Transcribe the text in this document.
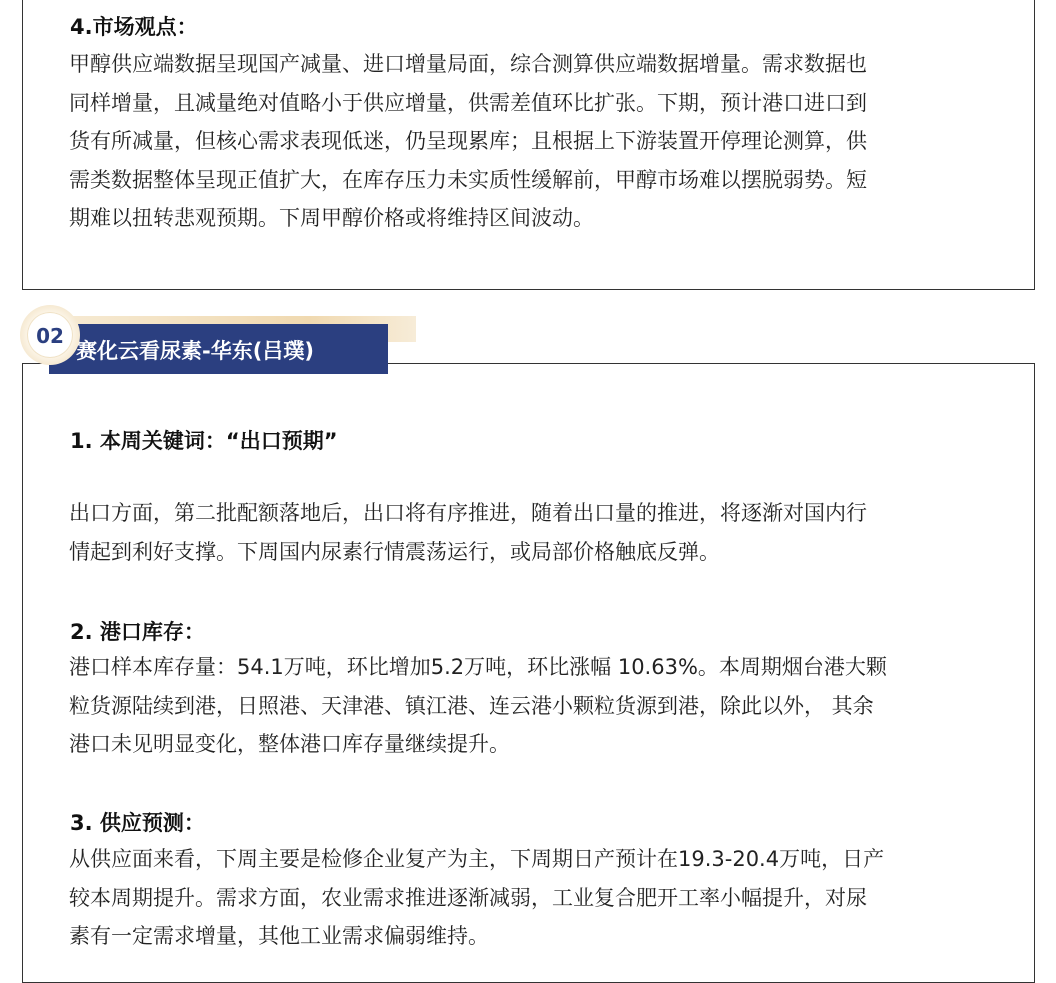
4.市场观点：

甲醇供应端数据呈现国产减量、进口增量局面，综合测算供应端数据增量。需求数据也
同样增量，且减量绝对值略小于供应增量，供需差值环比扩张。下期，预计港口进口到
货有所减量，但核心需求表现低迷，仍呈现累库；且根据上下游装置开停理论测算，供
需类数据整体呈现正值扩大，在库存压力未实质性缓解前，甲醇市场难以摆脱弱势。短
期难以扭转悲观预期。下周甲醇价格或将维持区间波动。

1. 本周关键词：“出口预期”

出口方面，第二批配额落地后，出口将有序推进，随着出口量的推进，将逐渐对国内行
情起到利好支撑。下周国内尿素行情震荡运行，或局部价格触底反弹。

2. 港口库存：

港口样本库存量：54.1万吨，环比增加5.2万吨，环比涨幅 10.63%。本周期烟台港大颗
粒货源陆续到港，日照港、天津港、镇江港、连云港小颗粒货源到港，除此以外， 其余
港口未见明显变化，整体港口库存量继续提升。

3. 供应预测：

从供应面来看，下周主要是检修企业复产为主，下周期日产预计在19.3-20.4万吨，日产
较本周期提升。需求方面，农业需求推进逐渐减弱，工业复合肥开工率小幅提升，对尿
素有一定需求增量，其他工业需求偏弱维持。

赛化云看尿素-华东(吕璞)
02
